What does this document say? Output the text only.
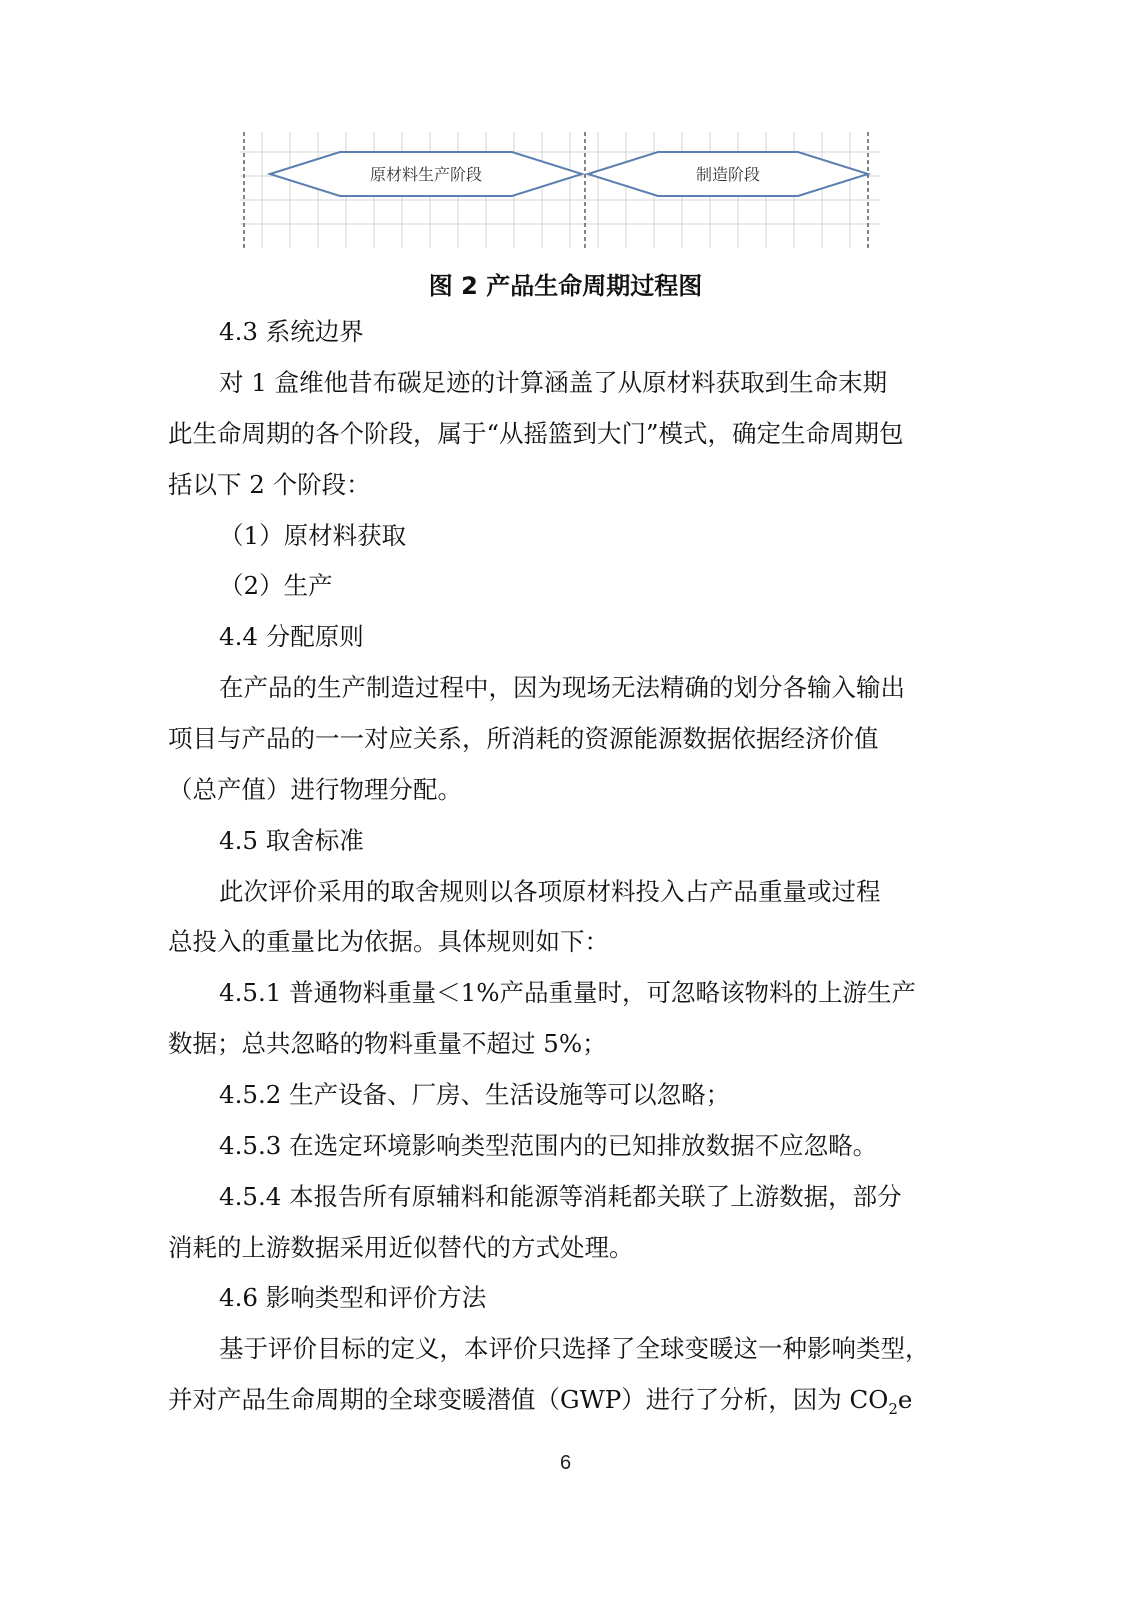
原材料生产阶段	制造阶段
图 2 产品生命周期过程图
4.3 系统边界
对 1 盒维他昔布碳足迹的计算涵盖了从原材料获取到生命末期
此生命周期的各个阶段，属于“从摇篮到大门”模式，确定生命周期包
括以下 2 个阶段：
（1）原材料获取
（2）生产
4.4 分配原则
在产品的生产制造过程中，因为现场无法精确的划分各输入输出
项目与产品的一一对应关系，所消耗的资源能源数据依据经济价值
（总产值）进行物理分配。
4.5 取舍标准
此次评价采用的取舍规则以各项原材料投入占产品重量或过程
总投入的重量比为依据。具体规则如下：
4.5.1 普通物料重量＜1%产品重量时，可忽略该物料的上游生产
数据；总共忽略的物料重量不超过 5%；
4.5.2 生产设备、厂房、生活设施等可以忽略；
4.5.3 在选定环境影响类型范围内的已知排放数据不应忽略。
4.5.4 本报告所有原辅料和能源等消耗都关联了上游数据，部分
消耗的上游数据采用近似替代的方式处理。
4.6 影响类型和评价方法
基于评价目标的定义，本评价只选择了全球变暖这一种影响类型，
并对产品生命周期的全球变暖潜值（GWP）进行了分析，因为 $CO_2e$
6
